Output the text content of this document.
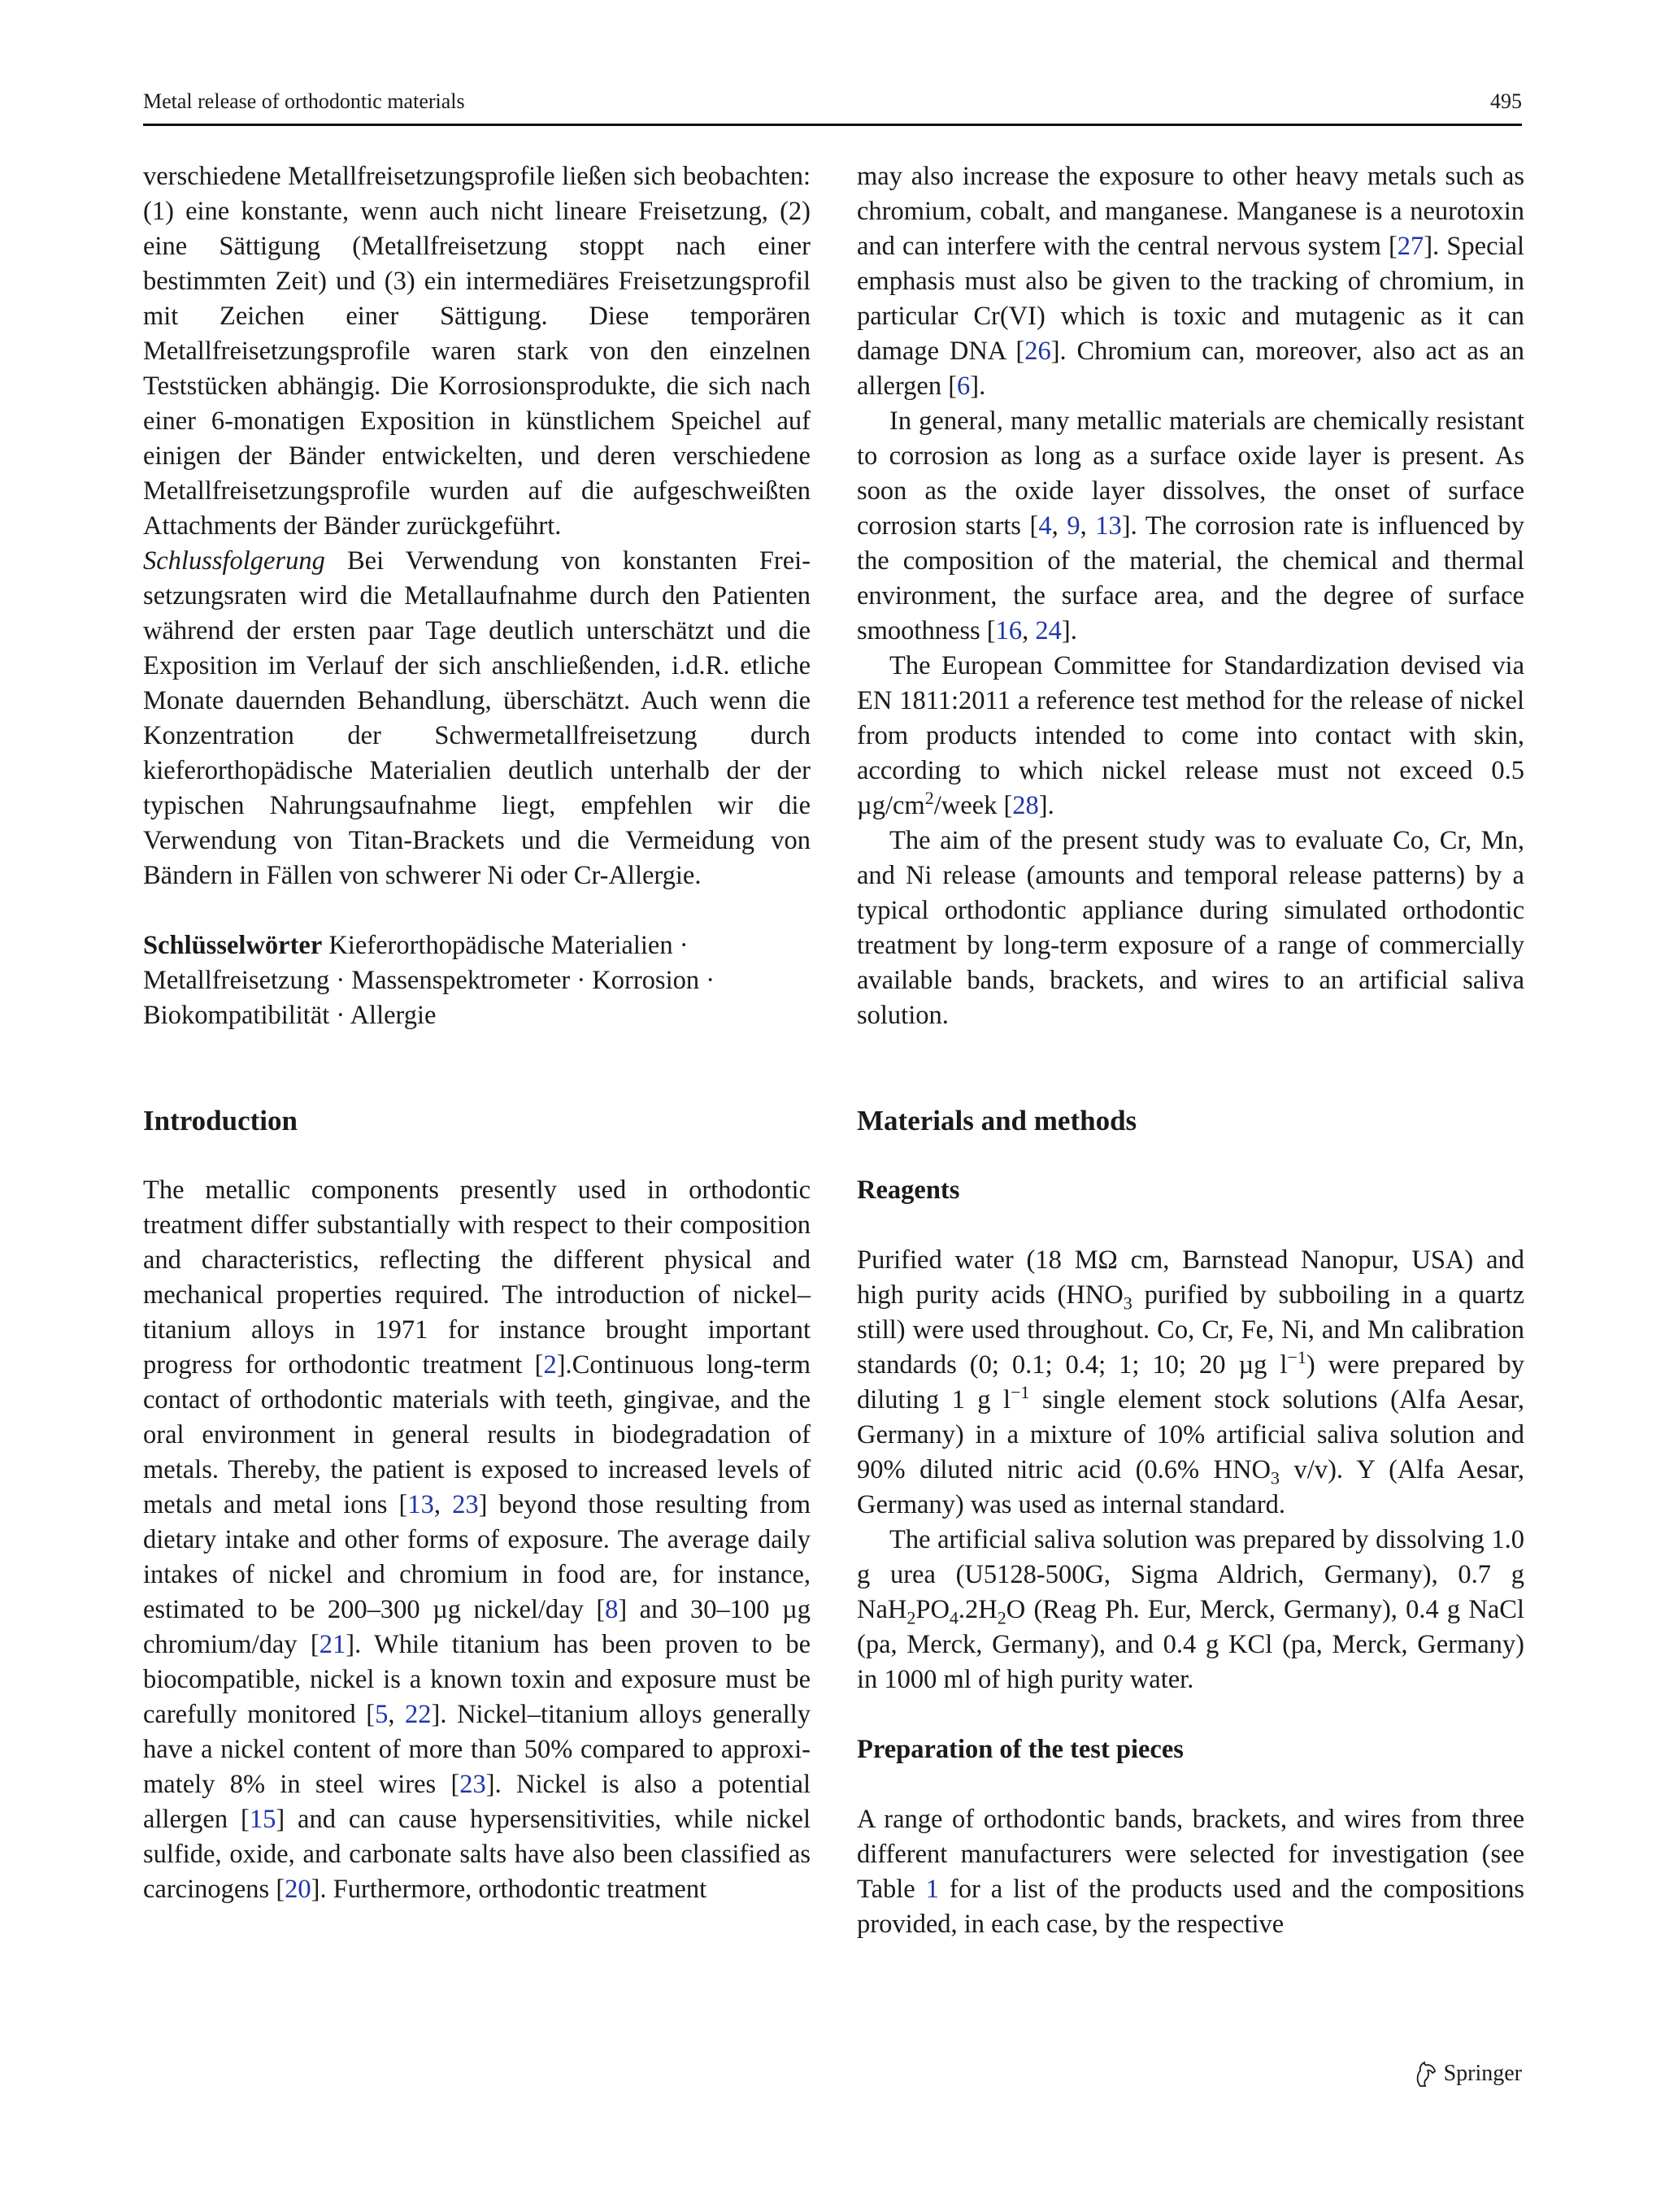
Metal release of orthodontic materials	495

verschiedene Metallfreisetzungsprofile ließen sich beobachten: (1) eine konstante, wenn auch nicht lineare Freisetzung, (2) eine Sättigung (Metallfreisetzung stoppt nach einer bestimmten Zeit) und (3) ein intermediäres Freisetzungsprofil mit Zeichen einer Sättigung. Diese temporären Metallfreisetzungsprofile waren stark von den einzelnen Teststücken abhängig. Die Korrosionsprodukte, die sich nach einer 6-monatigen Exposition in künstlichem Speichel auf einigen der Bänder entwickelten, und deren verschiedene Metallfreisetzungsprofile wurden auf die aufgeschweißten Attachments der Bänder zurückgeführt.

Schlussfolgerung Bei Verwendung von konstanten Freisetzungsraten wird die Metallaufnahme durch den Patienten während der ersten paar Tage deutlich unterschätzt und die Exposition im Verlauf der sich anschließenden, i.d.R. etliche Monate dauernden Behandlung, überschätzt. Auch wenn die Konzentration der Schwermetallfreisetzung durch kieferorthopädische Materialien deutlich unterhalb der der typischen Nahrungsaufnahme liegt, empfehlen wir die Verwendung von Titan-Brackets und die Vermeidung von Bändern in Fällen von schwerer Ni oder Cr-Allergie.

Schlüsselwörter Kieferorthopädische Materialien · Metallfreisetzung · Massenspektrometer · Korrosion · Biokompatibilität · Allergie

Introduction

The metallic components presently used in orthodontic treatment differ substantially with respect to their composition and characteristics, reflecting the different physical and mechanical properties required. The introduction of nickel–titanium alloys in 1971 for instance brought important progress for orthodontic treatment [2].Continuous long-term contact of orthodontic materials with teeth, gingivae, and the oral environment in general results in biodegradation of metals. Thereby, the patient is exposed to increased levels of metals and metal ions [13, 23] beyond those resulting from dietary intake and other forms of exposure. The average daily intakes of nickel and chromium in food are, for instance, estimated to be 200–300 µg nickel/day [8] and 30–100 µg chromium/day [21]. While titanium has been proven to be biocompatible, nickel is a known toxin and exposure must be carefully monitored [5, 22]. Nickel–titanium alloys generally have a nickel content of more than 50% compared to approximately 8% in steel wires [23]. Nickel is also a potential allergen [15] and can cause hypersensitivities, while nickel sulfide, oxide, and carbonate salts have also been classified as carcinogens [20]. Furthermore, orthodontic treatment

may also increase the exposure to other heavy metals such as chromium, cobalt, and manganese. Manganese is a neurotoxin and can interfere with the central nervous system [27]. Special emphasis must also be given to the tracking of chromium, in particular Cr(VI) which is toxic and mutagenic as it can damage DNA [26]. Chromium can, moreover, also act as an allergen [6].

In general, many metallic materials are chemically resistant to corrosion as long as a surface oxide layer is present. As soon as the oxide layer dissolves, the onset of surface corrosion starts [4, 9, 13]. The corrosion rate is influenced by the composition of the material, the chemical and thermal environment, the surface area, and the degree of surface smoothness [16, 24].

The European Committee for Standardization devised via EN 1811:2011 a reference test method for the release of nickel from products intended to come into contact with skin, according to which nickel release must not exceed 0.5 $\mu g/cm^2$/week [28].

The aim of the present study was to evaluate Co, Cr, Mn, and Ni release (amounts and temporal release patterns) by a typical orthodontic appliance during simulated orthodontic treatment by long-term exposure of a range of commercially available bands, brackets, and wires to an artificial saliva solution.

Materials and methods
Reagents

Purified water (18 MΩ cm, Barnstead Nanopur, USA) and high purity acids ($HNO_3$ purified by subboiling in a quartz still) were used throughout. Co, Cr, Fe, Ni, and Mn calibration standards (0; 0.1; 0.4; 1; 10; 20 µg $l^{-1}$) were prepared by diluting 1 g $l^{-1}$ single element stock solutions (Alfa Aesar, Germany) in a mixture of 10% artificial saliva solution and 90% diluted nitric acid (0.6% $HNO_3$ v/v). Y (Alfa Aesar, Germany) was used as internal standard.

The artificial saliva solution was prepared by dissolving 1.0 g urea (U5128-500G, Sigma Aldrich, Germany), 0.7 g $NaH_2PO_4.2H_2O$ (Reag Ph. Eur, Merck, Germany), 0.4 g NaCl (pa, Merck, Germany), and 0.4 g KCl (pa, Merck, Germany) in 1000 ml of high purity water.

Preparation of the test pieces

A range of orthodontic bands, brackets, and wires from three different manufacturers were selected for investigation (see Table 1 for a list of the products used and the compositions provided, in each case, by the respective

Springer
